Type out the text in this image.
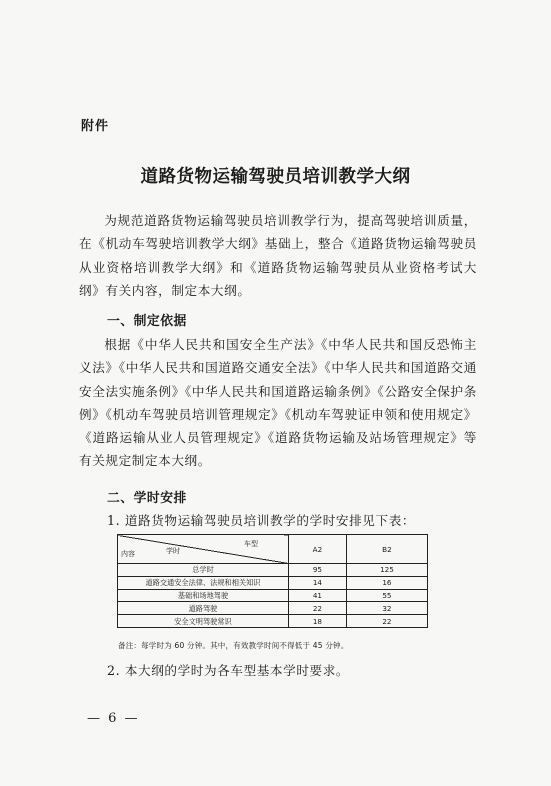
附件
道路货物运输驾驶员培训教学大纲

为规范道路货物运输驾驶员培训教学行为，提高驾驶培训质量，在《机动车驾驶培训教学大纲》基础上，整合《道路货物运输驾驶员从业资格培训教学大纲》和《道路货物运输驾驶员从业资格考试大纲》有关内容，制定本大纲。

一、制定依据

根据《中华人民共和国安全生产法》《中华人民共和国反恐怖主义法》《中华人民共和国道路交通安全法》《中华人民共和国道路交通安全法实施条例》《中华人民共和国道路运输条例》《公路安全保护条例》《机动车驾驶员培训管理规定》《机动车驾驶证申领和使用规定》《道路运输从业人员管理规定》《道路货物运输及站场管理规定》等有关规定制定本大纲。

二、学时安排
1. 道路货物运输驾驶员培训教学的学时安排见下表：
车型
学时
内容	A2	B2
总学时	95	125
道路交通安全法律、法规和相关知识	14	16
基础和场地驾驶	41	55
道路驾驶	22	32
安全文明驾驶常识	18	22
备注：每学时为 60 分钟。其中，有效教学时间不得低于 45 分钟。
2. 本大纲的学时为各车型基本学时要求。
— 6 —
